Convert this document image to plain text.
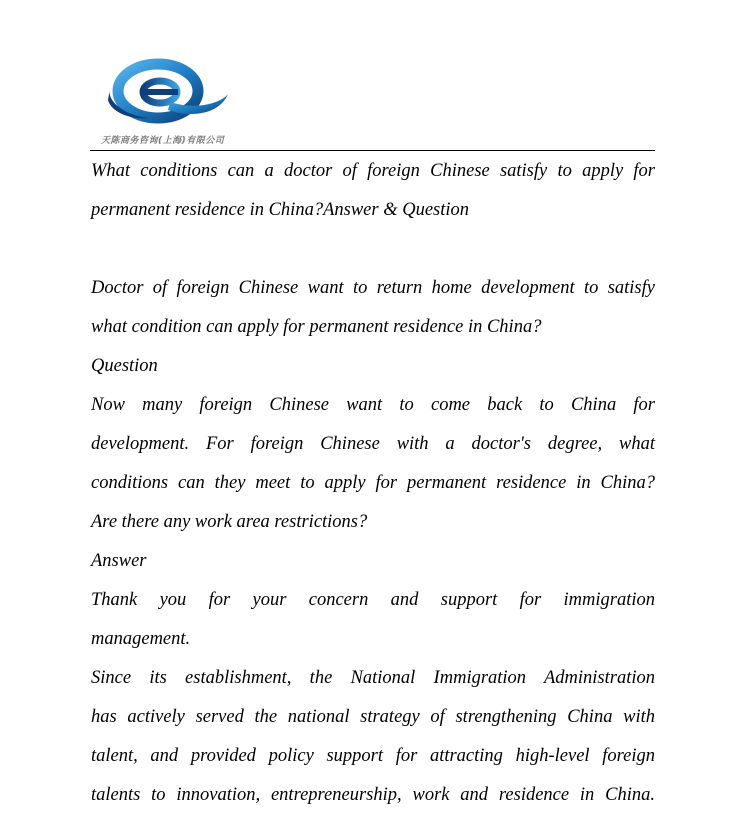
天陈商务咨询(上海)有限公司

What conditions can a doctor of foreign Chinese satisfy to apply for

permanent residence in China?Answer & Question

Doctor of foreign Chinese want to return home development to satisfy

what condition can apply for permanent residence in China?

Question

Now many foreign Chinese want to come back to China for

development. For foreign Chinese with a doctor's degree, what

conditions can they meet to apply for permanent residence in China?

Are there any work area restrictions?

Answer

Thank you for your concern and support for immigration

management.

Since its establishment, the National Immigration Administration

has actively served the national strategy of strengthening China with

talent, and provided policy support for attracting high-level foreign

talents to innovation, entrepreneurship, work and residence in China.
